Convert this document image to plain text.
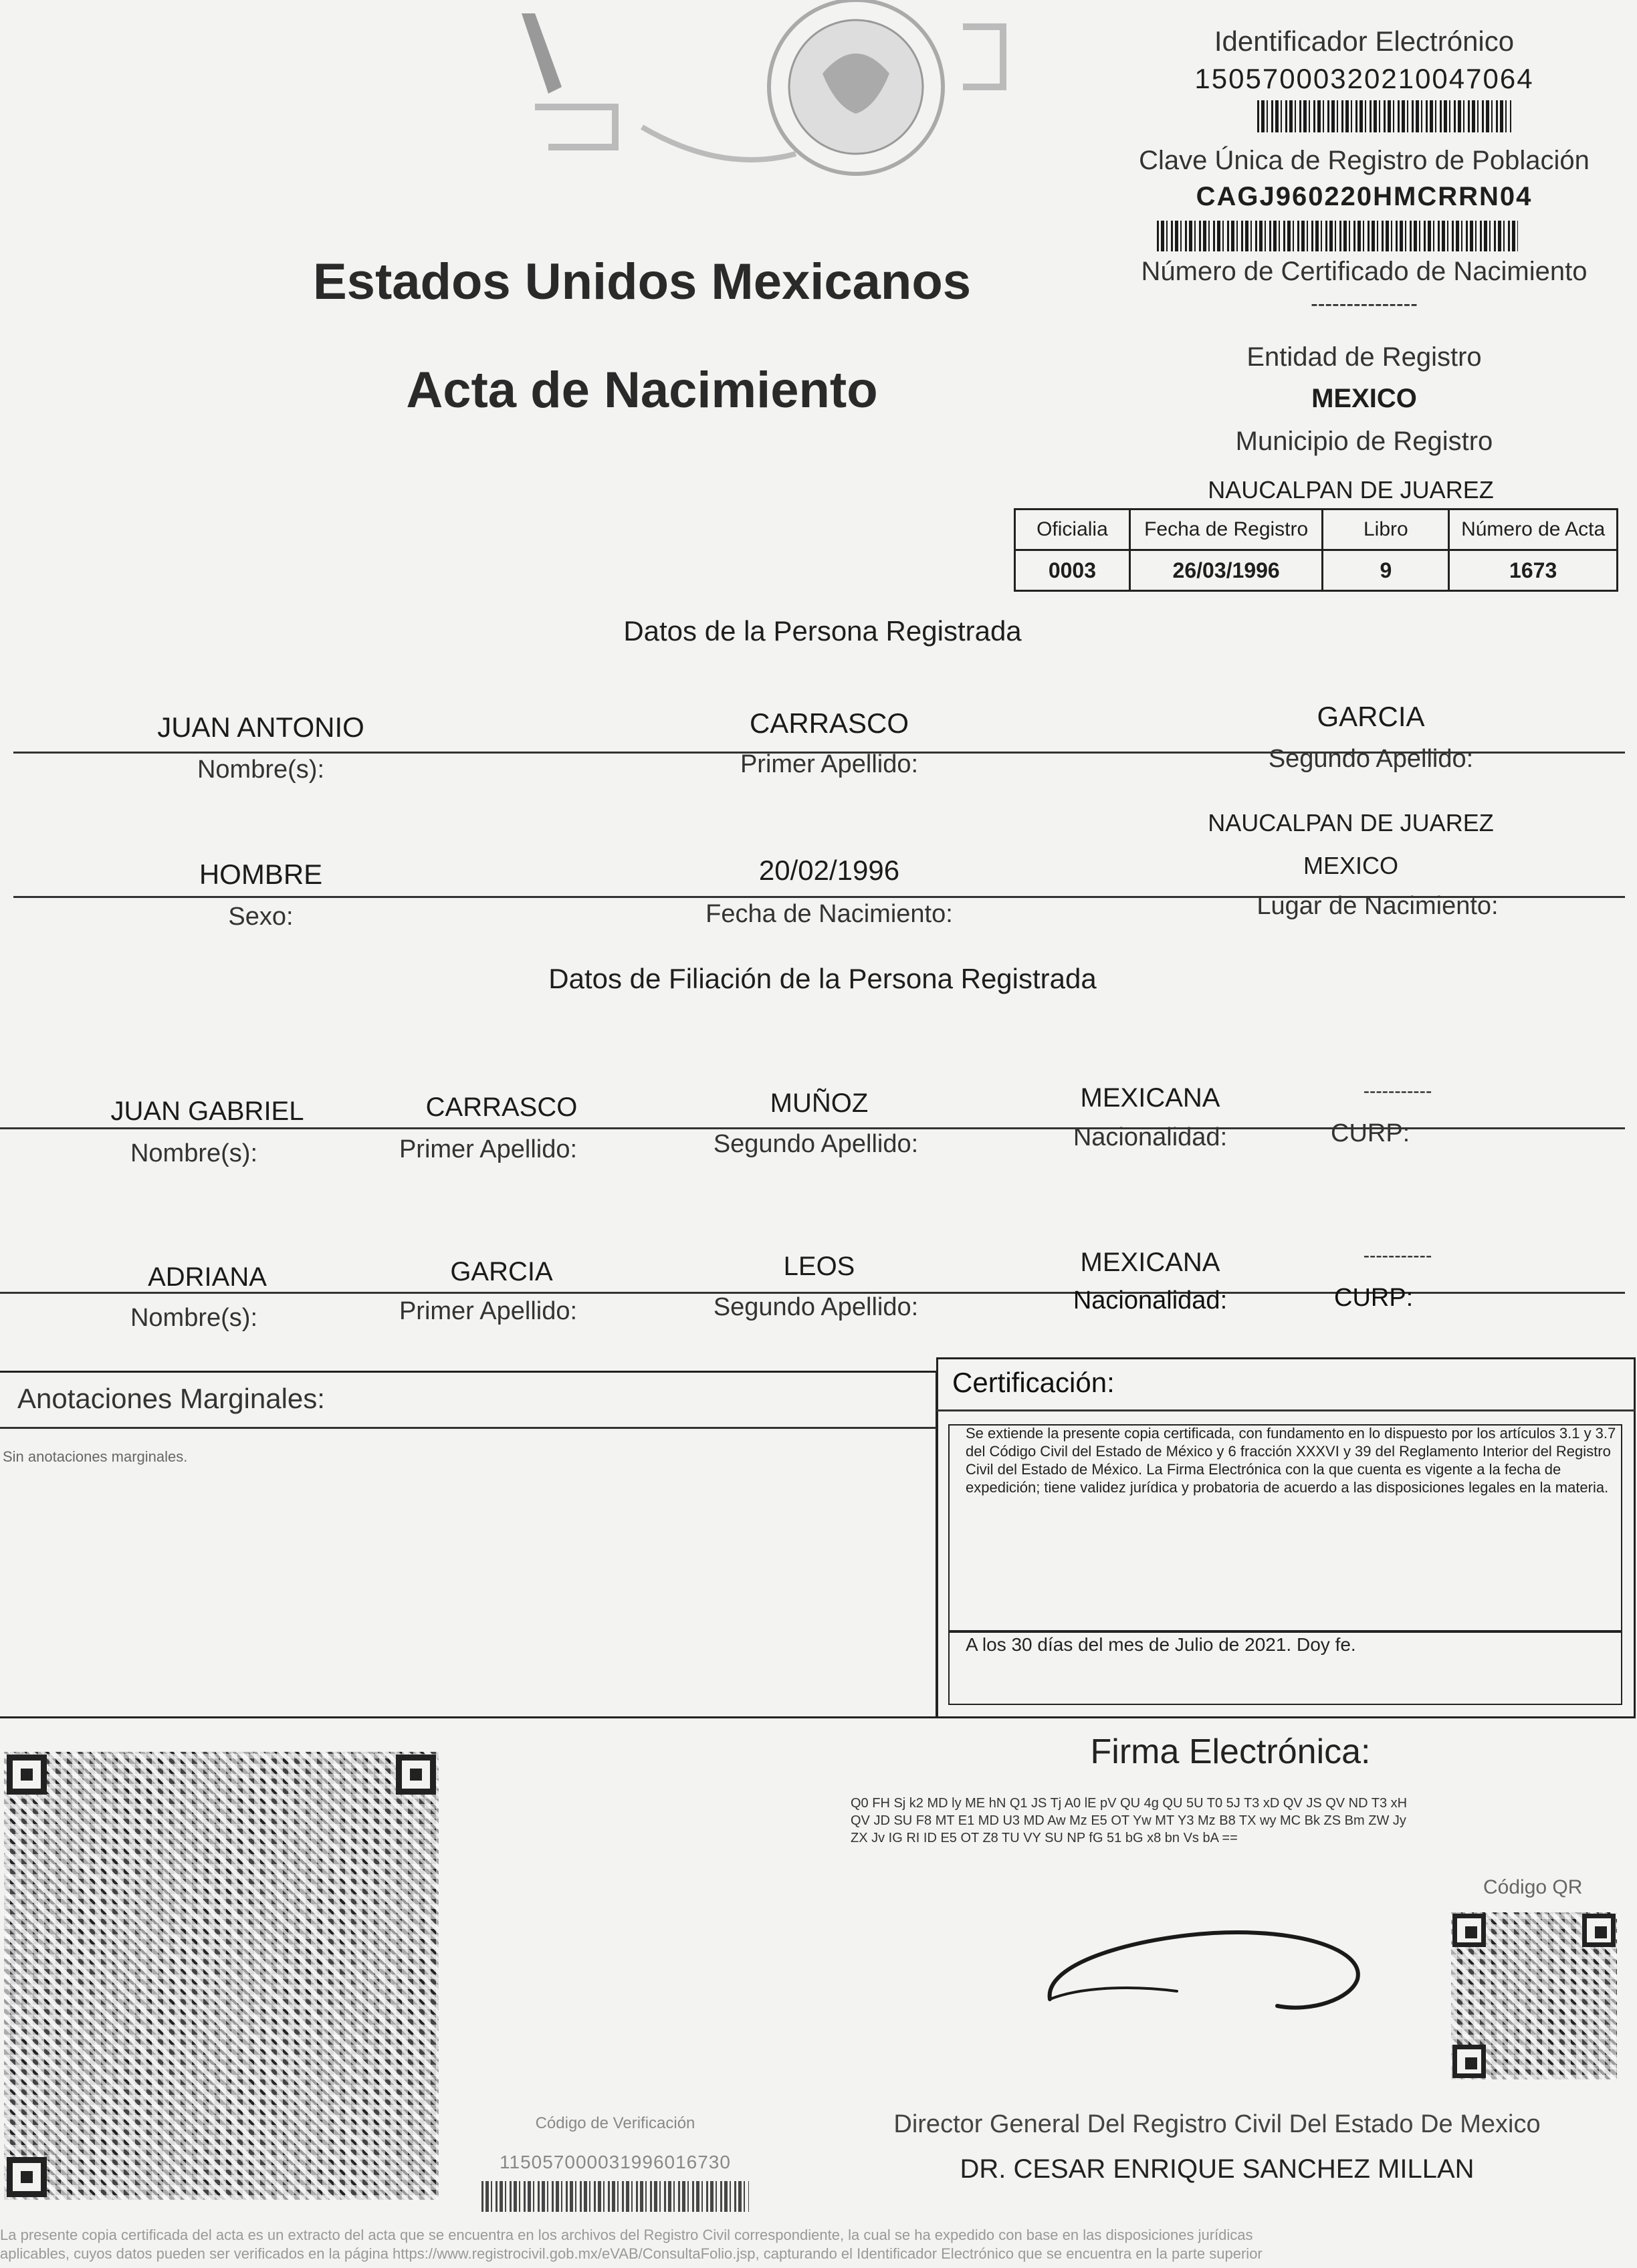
Estados Unidos Mexicanos
Acta de Nacimiento
Identificador Electrónico
15057000320210047064
Clave Única de Registro de Población
CAGJ960220HMCRRN04
Número de Certificado de Nacimiento
---------------
Entidad de Registro
MEXICO
Municipio de Registro
NAUCALPAN DE JUAREZ
Oficialia	Fecha de Registro	Libro	Número de Acta
0003	26/03/1996	9	1673
Datos de la Persona Registrada
JUAN ANTONIO	CARRASCO	GARCIA
Nombre(s):	Primer Apellido:	Segundo Apellido:
NAUCALPAN DE JUAREZ
HOMBRE	20/02/1996	MEXICO
Sexo:	Fecha de Nacimiento:	Lugar de Nacimiento:
Datos de Filiación de la Persona Registrada
JUAN GABRIEL	CARRASCO	MUÑOZ	MEXICANA	-----------
Nombre(s):	Primer Apellido:	Segundo Apellido:	Nacionalidad:	CURP:
ADRIANA	GARCIA	LEOS	MEXICANA	-----------
Nombre(s):	Primer Apellido:	Segundo Apellido:	Nacionalidad:	CURP:
Anotaciones Marginales:
Sin anotaciones marginales.
Certificación:
Se extiende la presente copia certificada, con fundamento en lo dispuesto por los artículos 3.1 y 3.7 del Código Civil del Estado de México y 6 fracción XXXVI y 39 del Reglamento Interior del Registro Civil del Estado de México. La Firma Electrónica con la que cuenta es vigente a la fecha de expedición; tiene validez jurídica y probatoria de acuerdo a las disposiciones legales en la materia.
A los 30 días del mes de Julio de 2021. Doy fe.
Firma Electrónica:
Q0 FH Sj k2 MD ly ME hN Q1 JS Tj A0 lE pV QU 4g QU 5U T0 5J T3 xD QV JS QV ND T3 xH
QV JD SU F8 MT E1 MD U3 MD Aw Mz E5 OT Yw MT Y3 Mz B8 TX wy MC Bk ZS Bm ZW Jy
ZX Jv IG RI ID E5 OT Z8 TU VY SU NP fG 51 bG x8 bn Vs bA ==
Código QR
Código de Verificación
115057000031996016730
Director General Del Registro Civil Del Estado De Mexico
DR. CESAR ENRIQUE SANCHEZ MILLAN
La presente copia certificada del acta es un extracto del acta que se encuentra en los archivos del Registro Civil correspondiente, la cual se ha expedido con base en las disposiciones jurídicas
aplicables, cuyos datos pueden ser verificados en la página https://www.registrocivil.gob.mx/eVAB/ConsultaFolio.jsp, capturando el Identificador Electrónico que se encuentra en la parte superior
